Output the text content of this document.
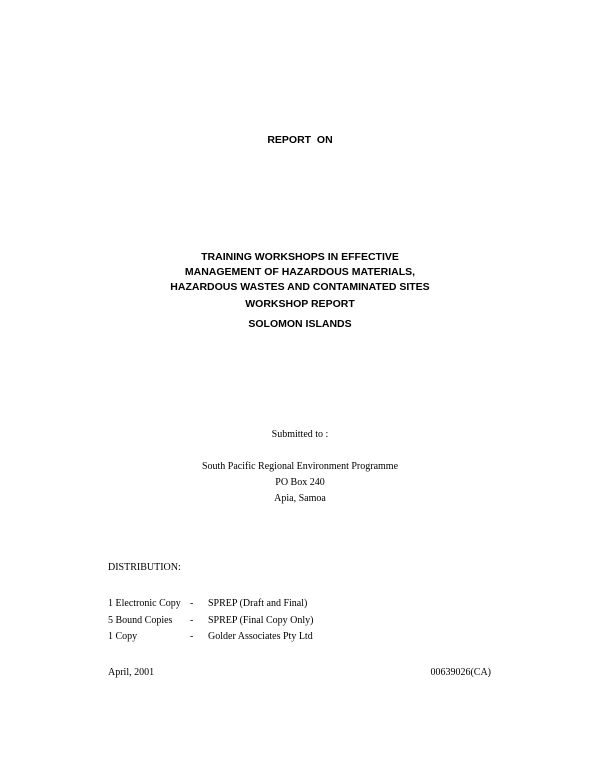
REPORT  ON
TRAINING WORKSHOPS IN EFFECTIVE
MANAGEMENT OF HAZARDOUS MATERIALS,
HAZARDOUS WASTES AND CONTAMINATED SITES
WORKSHOP REPORT
SOLOMON ISLANDS
Submitted to :
South Pacific Regional Environment Programme
PO Box 240
Apia, Samoa
DISTRIBUTION:
1 Electronic Copy - SPREP (Draft and Final)
5 Bound Copies - SPREP (Final Copy Only)
1 Copy	- Golder Associates Pty Ltd
April, 2001	00639026(CA)
